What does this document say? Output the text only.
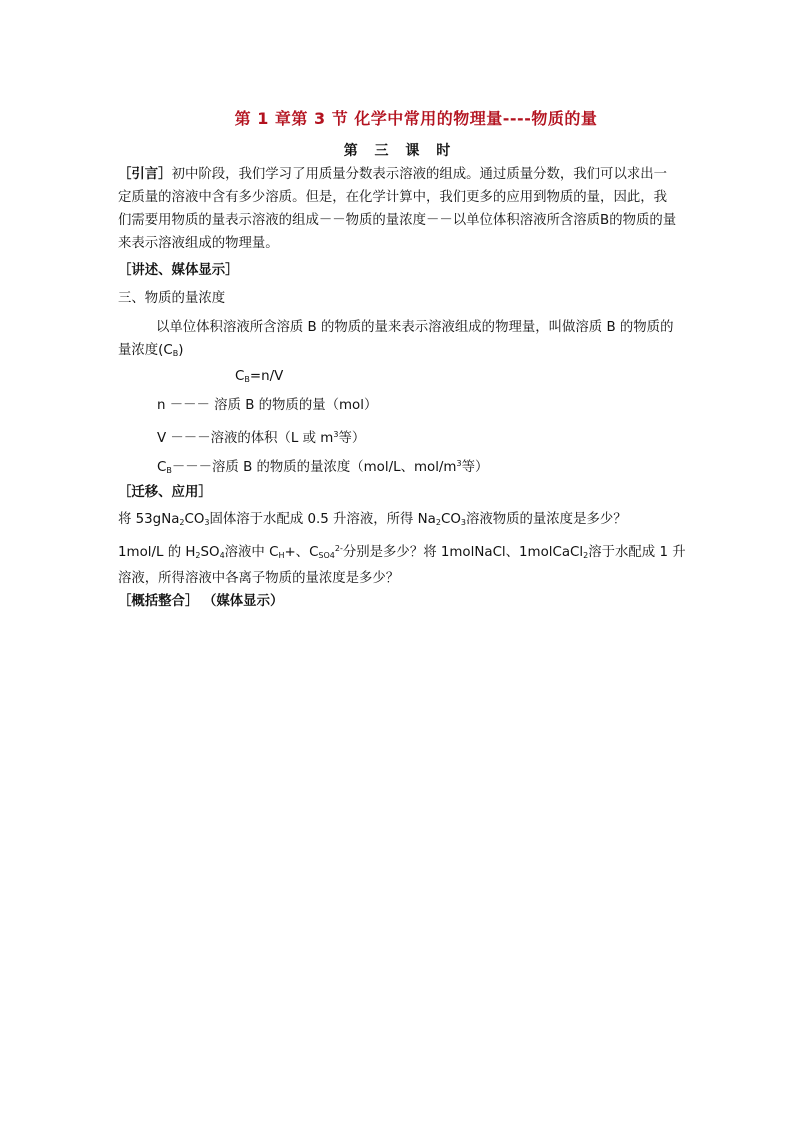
第 1 章第 3 节 化学中常用的物理量----物质的量
第 三 课 时
［引言］初中阶段，我们学习了用质量分数表示溶液的组成。通过质量分数，我们可以求出一定质量的溶液中含有多少溶质。但是，在化学计算中，我们更多的应用到物质的量，因此，我们需要用物质的量表示溶液的组成－－物质的量浓度－－以单位体积溶液所含溶质B的物质的量来表示溶液组成的物理量。
［讲述、媒体显示］
三、物质的量浓度
以单位体积溶液所含溶质 B 的物质的量来表示溶液组成的物理量，叫做溶质 B 的物质的量浓度$(C_B)$
$C_B=n/V$
n －－－ 溶质 B 的物质的量（mol）
V －－－溶液的体积（L 或 $m^3$等）
$C_B---$溶质 B 的物质的量浓度（mol/L、mol/$m^3$等）
［迁移、应用］
将 $53gNa_2CO_3$固体溶于水配成 0.5 升溶液，所得 $Na_2CO_3$溶液物质的量浓度是多少？
1mol/L 的 $H_2SO_4$溶液中 $C_H+$、$C_{SO4}^{2-}$分别是多少？将 1molNaCl、1molCaCl$_2$溶于水配成 1 升溶液，所得溶液中各离子物质的量浓度是多少？
［概括整合］ （媒体显示）
